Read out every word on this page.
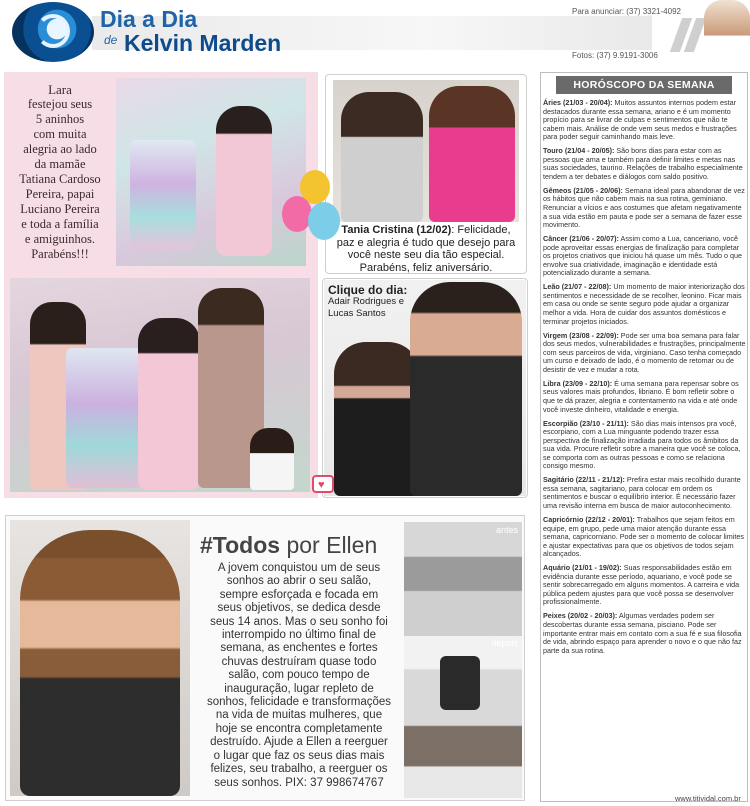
Dia a Dia
de Kelvin Marden
Para anunciar: (37) 3321-4092
Fotos: (37) 9.9191-3006
Lara
festejou seus
5 aninhos
com muita
alegria ao lado
da mamãe
Tatiana Cardoso
Pereira, papai
Luciano Pereira
e toda a família
e amiguinhos.
Parabéns!!!
Tania Cristina (12/02): Felicidade, paz e alegria é tudo que desejo para você neste seu dia tão especial. Parabéns, feliz aniversário.
Clique do dia:
Adair Rodrigues e Lucas Santos
♥
#Todos por Ellen
A jovem conquistou um de seus
sonhos ao abrir o seu salão,
sempre esforçada e focada em
seus objetivos, se dedica desde
seus 14 anos. Mas o seu sonho foi
interrompido no último final de
semana, as enchentes e fortes
chuvas destruíram quase todo
salão, com pouco tempo de
inauguração, lugar repleto de
sonhos, felicidade e transformações
na vida de muitas mulheres, que
hoje se encontra completamente
destruído. Ajude a Ellen a reerguer
o lugar que faz os seus dias mais
felizes, seu trabalho, a reerguer os
seus sonhos. PIX: 37 998674767
antes
depois
HORÓSCOPO DA SEMANA
Áries (21/03 - 20/04): Muitos assuntos internos podem estar destacados durante essa semana, ariano e é um momento propício para se livrar de culpas e sentimentos que não te cabem mais. Análise de onde vem seus medos e frustrações para poder seguir caminhando mais leve.
Touro (21/04 - 20/05): São bons dias para estar com as pessoas que ama e também para definir limites e metas nas suas sociedades, taurino. Relações de trabalho especialmente tendem a ter debates e diálogos com saldo positivo.
Gêmeos (21/05 - 20/06): Semana ideal para abandonar de vez os hábitos que não cabem mais na sua rotina, geminiano. Renunciar a vícios e aos costumes que afetam negativamente a sua vida estão em pauta e pode ser a semana de fazer esse movimento.
Câncer (21/06 - 20/07): Assim como a Lua, canceriano, você pode aproveitar essas energias de finalização para completar os projetos criativos que iniciou há quase um mês. Tudo o que envolve sua criatividade, imaginação e identidade está potencializado durante a semana.
Leão (21/07 - 22/08): Um momento de maior interiorização dos sentimentos e necessidade de se recolher, leonino. Ficar mais em casa ou onde se sente seguro pode ajudar a organizar melhor a vida. Hora de cuidar dos assuntos domésticos e terminar projetos iniciados.
Virgem (23/08 - 22/09): Pode ser uma boa semana para falar dos seus medos, vulnerabilidades e frustrações, principalmente com seus parceiros de vida, virginiano. Caso tenha começado um curso e deixado de lado, é o momento de retomar ou de desistir de vez e mudar a rota.
Libra (23/09 - 22/10): É uma semana para repensar sobre os seus valores mais profundos, libriano. É bom refletir sobre o que te dá prazer, alegria e contentamento na vida e até onde você investe dinheiro, vitalidade e energia.
Escorpião (23/10 - 21/11): São dias mais intensos pra você, escorpiano, com a Lua minguante podendo trazer essa perspectiva de finalização irradiada para todos os âmbitos da sua vida. Procure refletir sobre a maneira que você se coloca, se comporta com as outras pessoas e como se relaciona consigo mesmo.
Sagitário (22/11 - 21/12): Prefira estar mais recolhido durante essa semana, sagitariano, para colocar em ordem os sentimentos e buscar o equilíbrio interior. É necessário fazer uma revisão interna em busca de maior autoconhecimento.
Capricórnio (22/12 - 20/01): Trabalhos que sejam feitos em equipe, em grupo, pede uma maior atenção durante essa semana, capricorniano. Pode ser o momento de colocar limites e ajustar expectativas para que os objetivos de todos sejam alcançados.
Aquário (21/01 - 19/02): Suas responsabilidades estão em evidência durante esse período, aquariano, e você pode se sentir sobrecarregado em alguns momentos. A carreira e vida pública pedem ajustes para que você possa se desenvolver profissionalmente.
Peixes (20/02 - 20/03): Algumas verdades podem ser descobertas durante essa semana, pisciano. Pode ser importante entrar mais em contato com a sua fé e sua filosofia de vida, abrindo espaço para aprender o novo e o que não faz parte da sua rotina.
www.titividal.com.br
